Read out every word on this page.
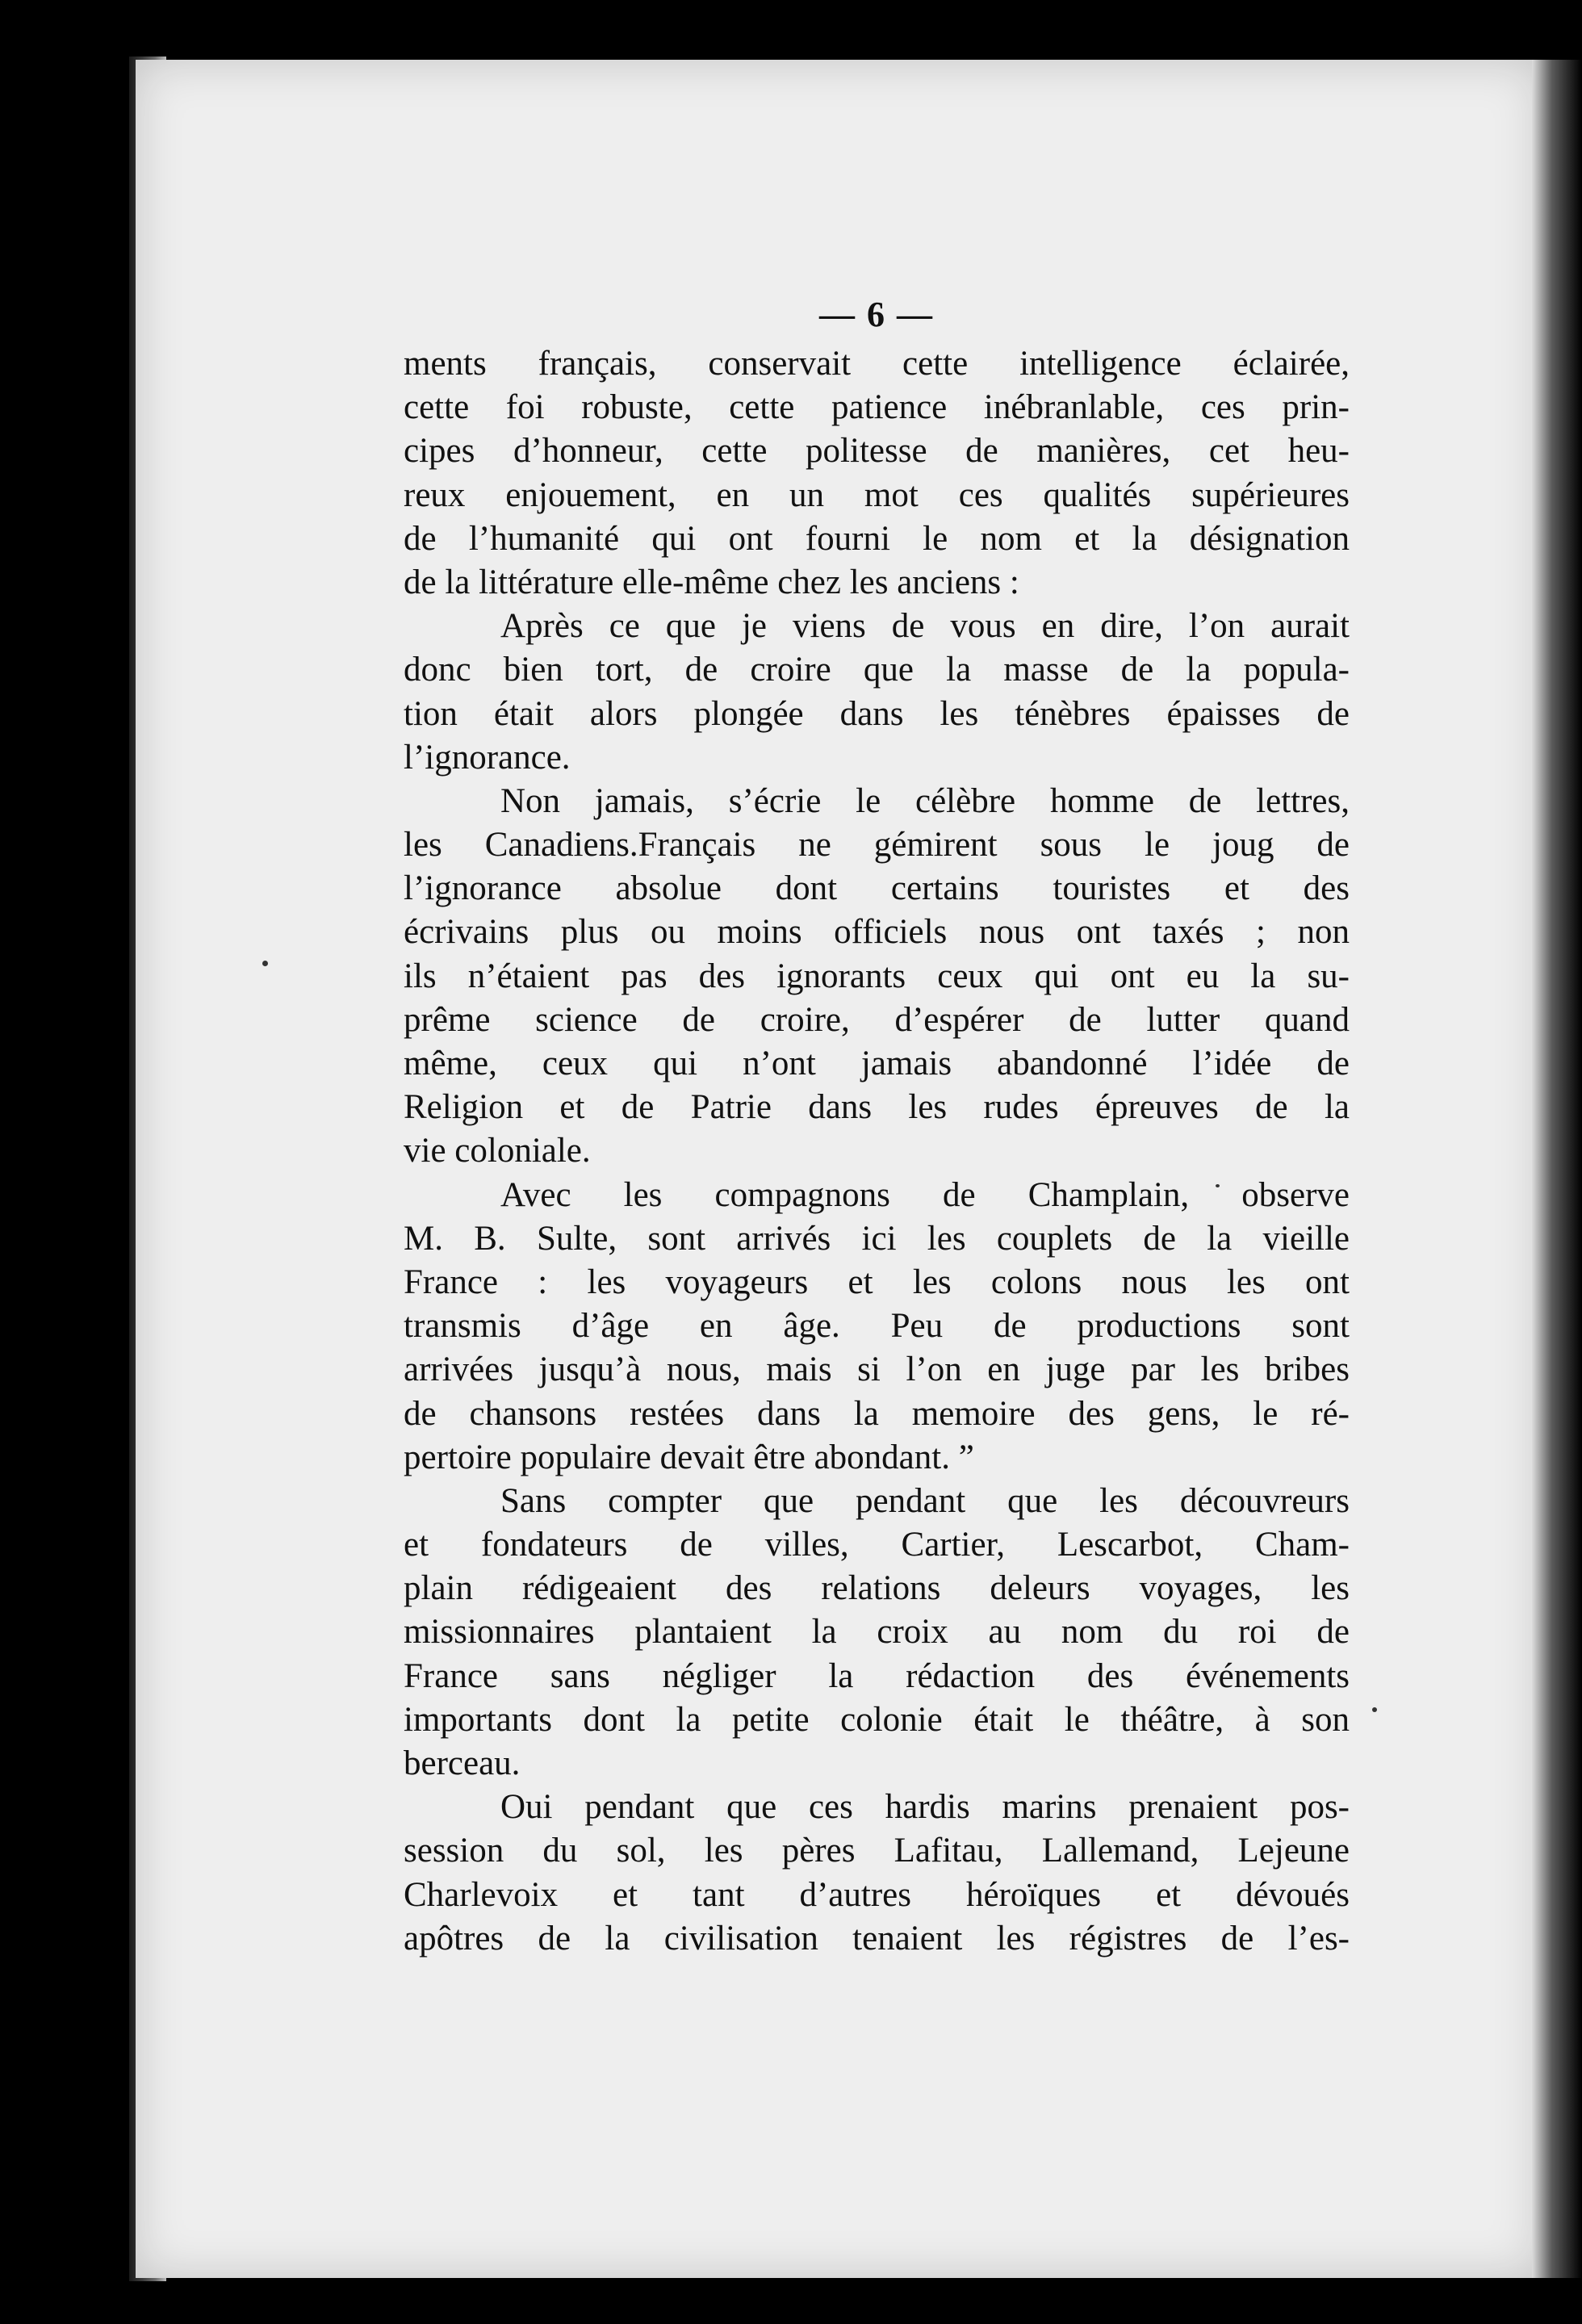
— 6 —
ments français, conservait cette intelligence éclairée,
cette foi robuste, cette patience inébranlable, ces prin-
cipes d’honneur, cette politesse de manières, cet heu-
reux enjouement, en un mot ces qualités supérieures
de l’humanité qui ont fourni le nom et la désignation
de la littérature elle-même chez les anciens :
Après ce que je viens de vous en dire, l’on aurait
donc bien tort, de croire que la masse de la popula-
tion était alors plongée dans les ténèbres épaisses de
l’ignorance.
Non jamais, s’écrie le célèbre homme de lettres,
les Canadiens.Français ne gémirent sous le joug de
l’ignorance absolue dont certains touristes et des
écrivains plus ou moins officiels nous ont taxés ; non
ils n’étaient pas des ignorants ceux qui ont eu la su-
prême science de croire, d’espérer de lutter quand
même, ceux qui n’ont jamais abandonné l’idée de
Religion et de Patrie dans les rudes épreuves de la
vie coloniale.
Avec les compagnons de Champlain, observe
M. B. Sulte, sont arrivés ici les couplets de la vieille
France : les voyageurs et les colons nous les ont
transmis d’âge en âge. Peu de productions sont
arrivées jusqu’à nous, mais si l’on en juge par les bribes
de chansons restées dans la memoire des gens, le ré-
pertoire populaire devait être abondant. ”
Sans compter que pendant que les découvreurs
et fondateurs de villes, Cartier, Lescarbot, Cham-
plain rédigeaient des relations deleurs voyages, les
missionnaires plantaient la croix au nom du roi de
France sans négliger la rédaction des événements
importants dont la petite colonie était le théâtre, à son
berceau.
Oui pendant que ces hardis marins prenaient pos-
session du sol, les pères Lafitau, Lallemand, Lejeune
Charlevoix et tant d’autres héroïques et dévoués
apôtres de la civilisation tenaient les régistres de l’es-
